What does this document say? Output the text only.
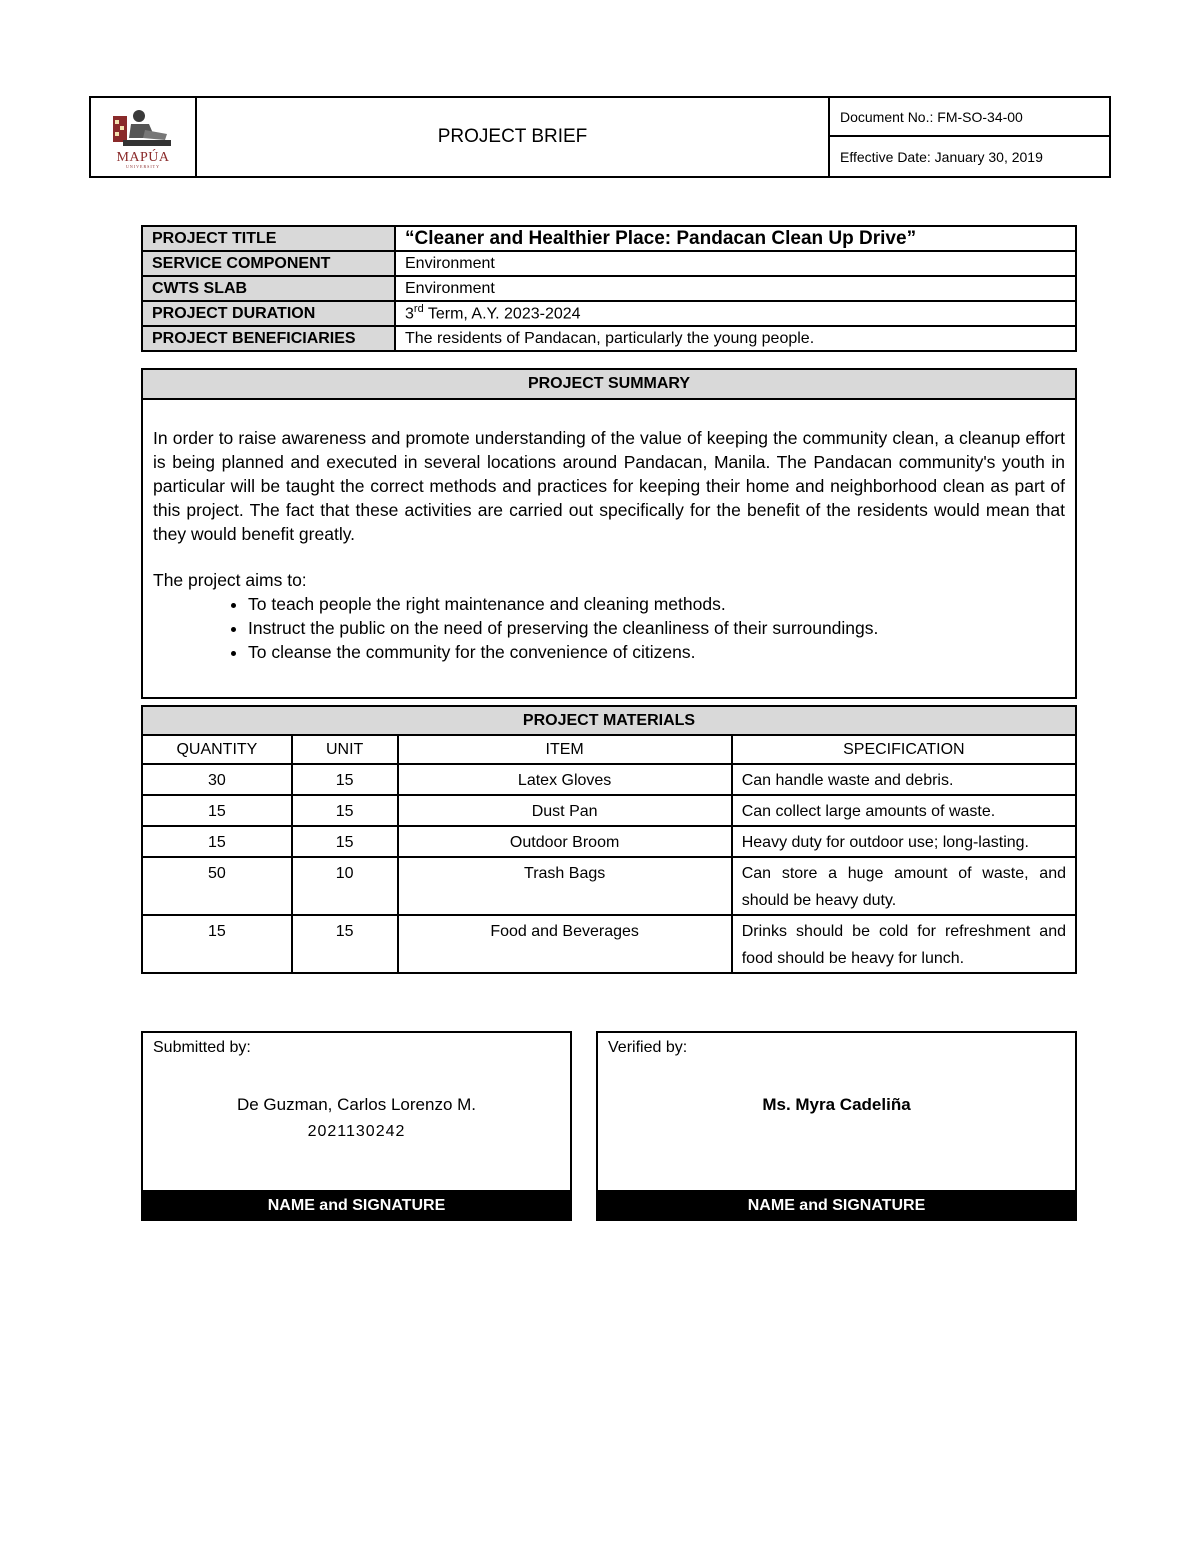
MAPÚA
UNIVERSITY
PROJECT BRIEF
Document No.: FM-SO-34-00
Effective Date: January 30, 2019
PROJECT TITLE	“Cleaner and Healthier Place: Pandacan Clean Up Drive”
SERVICE COMPONENT	Environment
CWTS SLAB	Environment
PROJECT DURATION	3rd Term, A.Y. 2023-2024
PROJECT BENEFICIARIES	The residents of Pandacan, particularly the young people.
PROJECT SUMMARY
In order to raise awareness and promote understanding of the value of keeping the community clean, a cleanup effort is being planned and executed in several locations around Pandacan, Manila. The Pandacan community's youth in particular will be taught the correct methods and practices for keeping their home and neighborhood clean as part of this project. The fact that these activities are carried out specifically for the benefit of the residents would mean that they would benefit greatly.
The project aims to:
• To teach people the right maintenance and cleaning methods.
• Instruct the public on the need of preserving the cleanliness of their surroundings.
• To cleanse the community for the convenience of citizens.
PROJECT MATERIALS			
QUANTITY	UNIT	ITEM	SPECIFICATION
30	15	Latex Gloves	Can handle waste and debris.
15	15	Dust Pan	Can collect large amounts of waste.
15	15	Outdoor Broom	Heavy duty for outdoor use; long-lasting.
50	10	Trash Bags	Can store a huge amount of waste, and should be heavy duty.
15	15	Food and Beverages	Drinks should be cold for refreshment and food should be heavy for lunch.
Submitted by:
De Guzman, Carlos Lorenzo M.
2021130242
NAME and SIGNATURE
Verified by:
Ms. Myra Cadeliña
NAME and SIGNATURE
